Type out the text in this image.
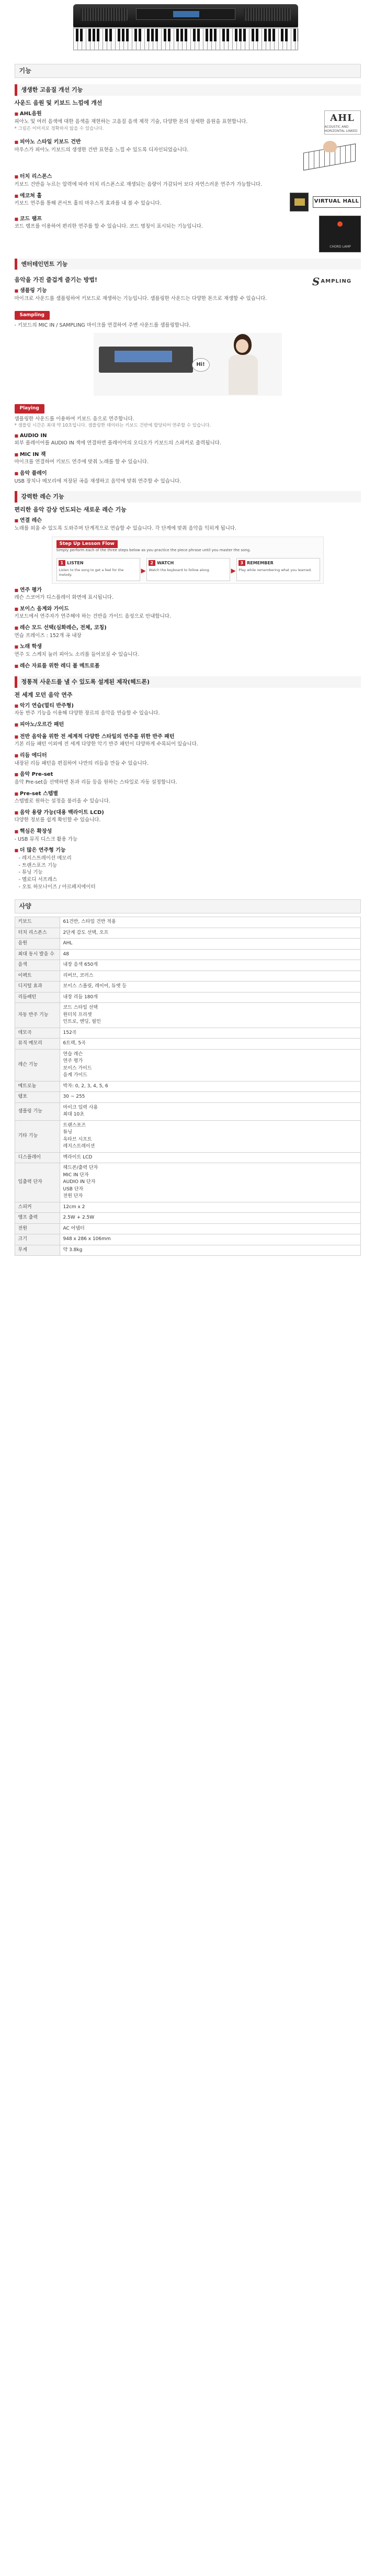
기능
생생한 고음질 개선 기능
사운드 음원 및 키보드 느낌에 개선
■ AHL음원

피아노 및 여러 음색에 대한 음색을 재현하는 고음질 음색 제작 기술, 다양한 톤의 섬세한 음원을 표현합니다.

* 그림은 이미지로 정확하지 않을 수 있습니다.
AHL
ACOUSTIC AND HORIZONTAL LINKED
■ 피아노 스타일 키보드 건반

마우스가 피아노 키보드의 생생한 건반 표현을 느낄 수 있도록 디자인되었습니다.

■ 터치 리스폰스

키보드 건반을 누르는 압력에 따라 터치 리스폰스로 재생되는 음량이 가감되어 보다 자연스러운 연주가 가능합니다.

■ 에코쳐 홀

키보드 연주를 통해 콘서트 홀의 마우스적 효과를 내 볼 수 있습니다.	VIRTUAL HALL
■ 코드 램프

코드 램프를 이용하여 편리한 연주를 할 수 있습니다. 코드 명칭이 표시되는 기능입니다.

CHORD LAMP
엔터테인먼트 기능
음악을 가진 즐겁게 즐기는 방법!
■ 샘플링 기능

마이크로 사운드를 샘플링하여 키보드로 재생하는 기능입니다. 샘플링한 사운드는 다양한 톤으로 재생할 수 있습니다.

S AMPLING
Sampling

- 키보드의 MIC IN / SAMPLING 마이크를 연결하여 주변 사운드를 샘플링합니다.

Hi!
Playing

샘플링한 사운드를 이용하여 키보드 음으로 연주합니다.

* 샘플링 시간은 최대 약 10초입니다. 샘플링한 데이터는 키보드 건반에 할당되어 연주할 수 있습니다.

■ AUDIO IN

외부 플레이어를 AUDIO IN 잭에 연결하면 플레이어의 오디오가 키보드의 스피커로 출력됩니다.

■ MIC IN 잭

마이크를 연결하여 키보드 연주에 맞춰 노래를 할 수 있습니다.

■ 음악 플레이

USB 장치나 메모리에 저장된 곡을 재생하고 음악에 맞춰 연주할 수 있습니다.

강력한 레슨 기능
편리한 음악 감상 언도되는 새로운 레슨 기능
■ 연결 레슨

노래를 외울 수 있도록 도와주며 단계적으로 연습할 수 있습니다. 각 단계에 맞춰 음악을 익히게 됩니다.

Step Up Lesson Flow
Simply perform each of the three steps below as you practice the piece phrase until you master the song.
1 LISTEN
Listen to the song to get a feel for the melody.
▶
2 WATCH
Watch the keyboard to follow along.	▶
3 REMEMBER
Play while remembering what you learned.
■ 연주 평가

레슨 스코어가 디스플레이 화면에 표시됩니다.

■ 보이스 음계와 가이드

키보드에서 연주자가 연주해야 하는 건반을 가이드 음성으로 안내합니다.

■ 레슨 모드 선택(심화레슨, 전체, 코칭)

연습 프레이즈 : 152개 곡 내장

■ 노래 학생

연주 도 스케치 눌러 피아노 소리를 들어보실 수 있습니다.

■ 레슨 자료를 위한 레디 볼 메트로폼
정통적 사운드를 낼 수 있도록 설계된 제작(헤드폰)
전 세계 모던 음악 연주
■ 악기 연습(멀티 반주형)

자동 반주 기능을 이용해 다양한 장르의 음악을 연습할 수 있습니다.

■ 피아노/오르간 패턴
■ 전반 음악을 위한 전 세계적 다양한 스타일의 연주를 위한 반주 패턴

기본 리듬 패턴 이외에 전 세계 다양한 악기 반주 패턴이 다양하게 수록되어 있습니다.

■ 리듬 에디터

내장된 리듬 패턴을 편집하여 나만의 리듬을 만들 수 있습니다.

■ 음악 Pre-set

음악 Pre-set을 선택하면 톤과 리듬 등을 원하는 스타일로 자동 설정합니다.

■ Pre-set 스텝별

스텝별로 원하는 설정을 불러올 수 있습니다.

■ 음악 용량 가능(대용 백라이트 LCD)

다양한 정보를 쉽게 확인할 수 있습니다.

■ 핵심은 확장성

- USB 뮤직 디스크 활용 가능

■ 더 많은 연주형 기능
- 레지스트레이션 메모리
- 트랜스포즈 기능
- 튜닝 기능
- 멜로디 서프레스
- 오토 하모나이즈 / 아르페지에이터
사양
키보드	61건반, 스타일 건반 적용

터치 리스폰스	2단계 감도 선택, 오프

음원	AHL

최대 동시 발음 수	48

음색	내장 음색 650개

이펙트	리버브, 코러스

디지털 효과	보이스 스플릿, 레이어, 듀엣 등

리듬패턴	내장 리듬 180개

자동 반주 기능	코드 스타일 선택
원터치 프리셋
인트로, 엔딩, 필인

데모곡	152곡

뮤직 메모리	6트랙, 5곡

레슨 기능	연습 레슨
연주 평가
보이스 가이드
음계 가이드

메트로놈	박자: 0, 2, 3, 4, 5, 6

템포	30 ~ 255

샘플링 기능	마이크 입력 사용
최대 10초

기타 기능	트랜스포즈
튜닝
옥타브 시프트
레지스트레이션

디스플레이	백라이트 LCD

입출력 단자	헤드폰/출력 단자
MIC IN 단자
AUDIO IN 단자
USB 단자
전원 단자

스피커	12cm x 2

앰프 출력	2.5W + 2.5W

전원	AC 어댑터

크기	948 x 286 x 106mm

무게	약 3.8kg
